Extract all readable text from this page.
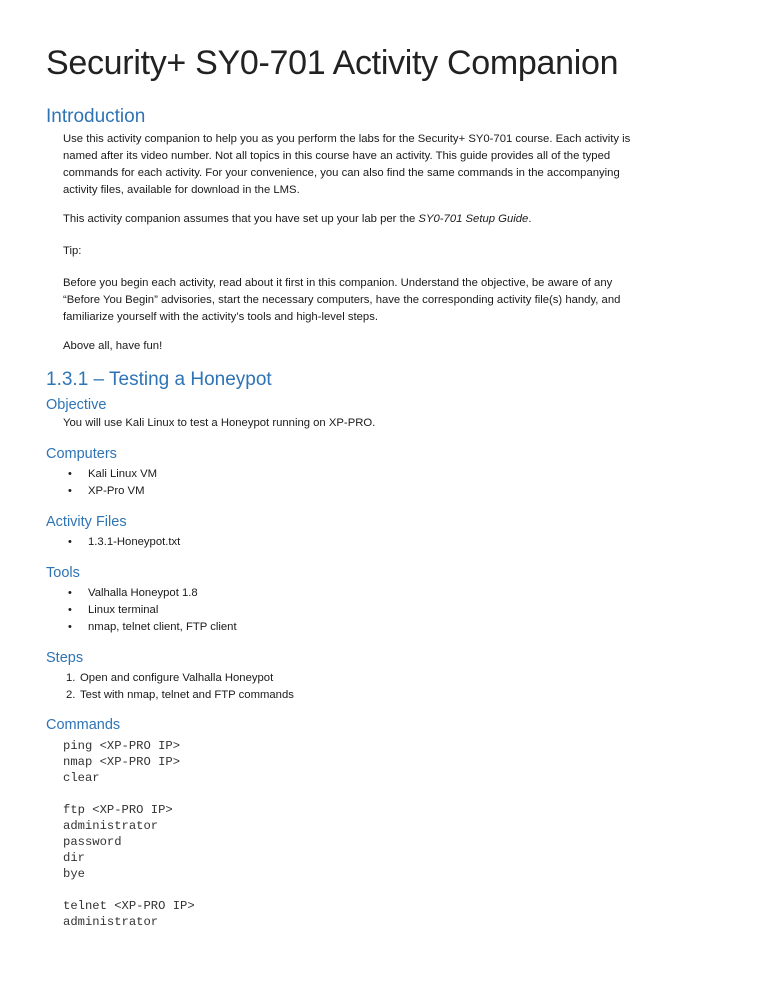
Security+ SY0-701 Activity Companion
Introduction
Use this activity companion to help you as you perform the labs for the Security+ SY0-701 course. Each activity is
named after its video number. Not all topics in this course have an activity. This guide provides all of the typed
commands for each activity. For your convenience, you can also find the same commands in the accompanying
activity files, available for download in the LMS.

This activity companion assumes that you have set up your lab per the SY0-701 Setup Guide.

Tip:

Before you begin each activity, read about it first in this companion. Understand the objective, be aware of any
“Before You Begin” advisories, start the necessary computers, have the corresponding activity file(s) handy, and
familiarize yourself with the activity’s tools and high-level steps.

Above all, have fun!

1.3.1 – Testing a Honeypot
Objective

You will use Kali Linux to test a Honeypot running on XP-PRO.

Computers
• Kali Linux VM
• XP-Pro VM
Activity Files
• 1.3.1-Honeypot.txt
Tools
• Valhalla Honeypot 1.8
• Linux terminal
• nmap, telnet client, FTP client
Steps
1. Open and configure Valhalla Honeypot
2. Test with nmap, telnet and FTP commands
Commands
ping <XP-PRO IP>
nmap <XP-PRO IP>
clear
ftp <XP-PRO IP>
administrator
password
dir
bye
telnet <XP-PRO IP>
administrator
